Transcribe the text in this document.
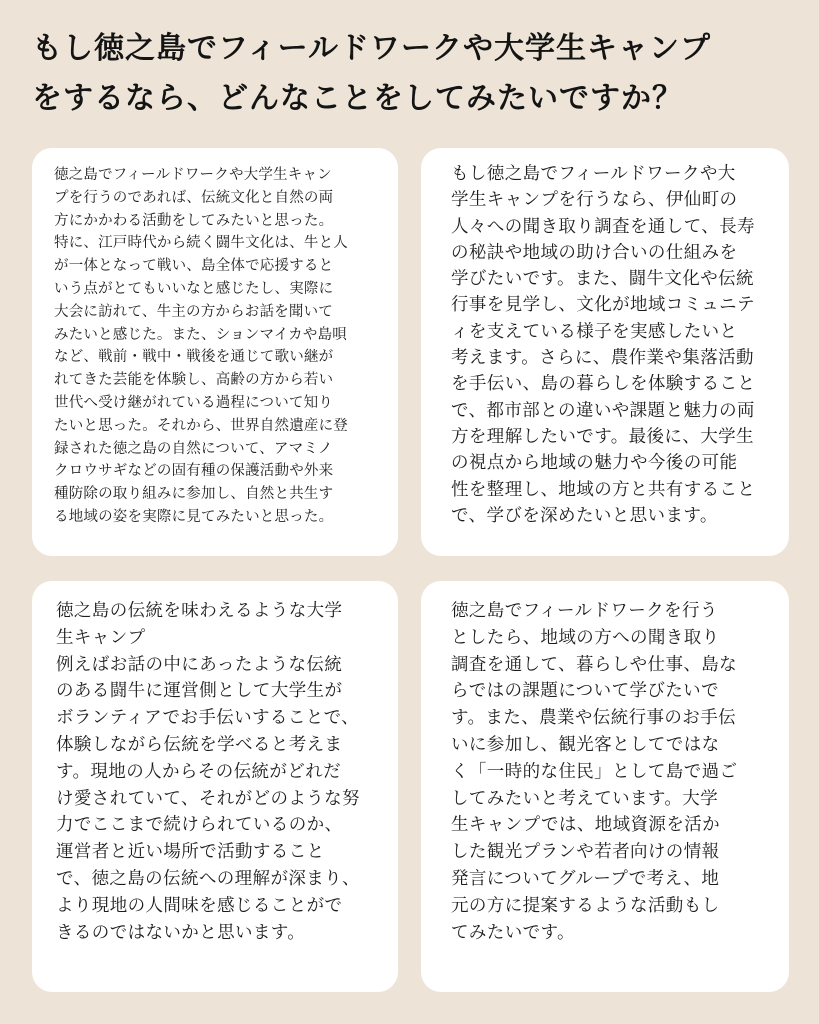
もし徳之島でフィールドワークや大学生キャンプ
をするなら、どんなことをしてみたいですか？
徳之島でフィールドワークや大学生キャン
プを行うのであれば、伝統文化と自然の両
方にかかわる活動をしてみたいと思った。
特に、江戸時代から続く闘牛文化は、牛と人
が一体となって戦い、島全体で応援すると
いう点がとてもいいなと感じたし、実際に
大会に訪れて、牛主の方からお話を聞いて
みたいと感じた。また、ションマイカや島唄
など、戦前・戦中・戦後を通じて歌い継が
れてきた芸能を体験し、高齢の方から若い
世代へ受け継がれている過程について知り
たいと思った。それから、世界自然遺産に登
録された徳之島の自然について、アマミノ
クロウサギなどの固有種の保護活動や外来
種防除の取り組みに参加し、自然と共生す
る地域の姿を実際に見てみたいと思った。
もし徳之島でフィールドワークや大
学生キャンプを行うなら、伊仙町の
人々への聞き取り調査を通して、長寿
の秘訣や地域の助け合いの仕組みを
学びたいです。また、闘牛文化や伝統
行事を見学し、文化が地域コミュニテ
ィを支えている様子を実感したいと
考えます。さらに、農作業や集落活動
を手伝い、島の暮らしを体験すること
で、都市部との違いや課題と魅力の両
方を理解したいです。最後に、大学生
の視点から地域の魅力や今後の可能
性を整理し、地域の方と共有すること
で、学びを深めたいと思います。
徳之島の伝統を味わえるような大学
生キャンプ
例えばお話の中にあったような伝統
のある闘牛に運営側として大学生が
ボランティアでお手伝いすることで、
体験しながら伝統を学べると考えま
す。現地の人からその伝統がどれだ
け愛されていて、それがどのような努
力でここまで続けられているのか、
運営者と近い場所で活動すること
で、徳之島の伝統への理解が深まり、
より現地の人間味を感じることがで
きるのではないかと思います。
徳之島でフィールドワークを行う
としたら、地域の方への聞き取り
調査を通して、暮らしや仕事、島な
らではの課題について学びたいで
す。また、農業や伝統行事のお手伝
いに参加し、観光客としてではな
く「一時的な住民」として島で過ご
してみたいと考えています。大学
生キャンプでは、地域資源を活か
した観光プランや若者向けの情報
発言についてグループで考え、地
元の方に提案するような活動もし
てみたいです。
